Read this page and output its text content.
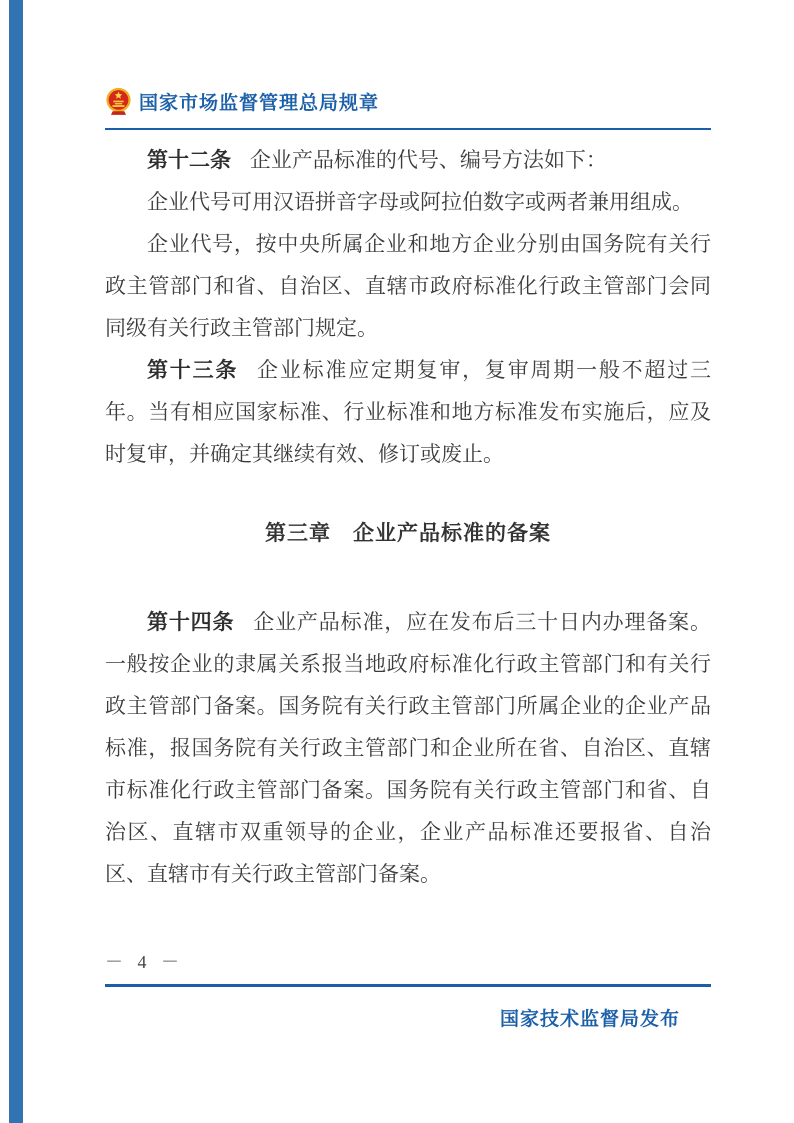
国家市场监督管理总局规章

第十二条 企业产品标准的代号、编号方法如下：

企业代号可用汉语拼音字母或阿拉伯数字或两者兼用组成。

企业代号，按中央所属企业和地方企业分别由国务院有关行政主管部门和省、自治区、直辖市政府标准化行政主管部门会同同级有关行政主管部门规定。

第十三条 企业标准应定期复审，复审周期一般不超过三年。当有相应国家标准、行业标准和地方标准发布实施后，应及时复审，并确定其继续有效、修订或废止。

第三章　企业产品标准的备案

第十四条 企业产品标准，应在发布后三十日内办理备案。一般按企业的隶属关系报当地政府标准化行政主管部门和有关行政主管部门备案。国务院有关行政主管部门所属企业的企业产品标准，报国务院有关行政主管部门和企业所在省、自治区、直辖市标准化行政主管部门备案。国务院有关行政主管部门和省、自治区、直辖市双重领导的企业，企业产品标准还要报省、自治区、直辖市有关行政主管部门备案。

－ 4 －
国家技术监督局发布
